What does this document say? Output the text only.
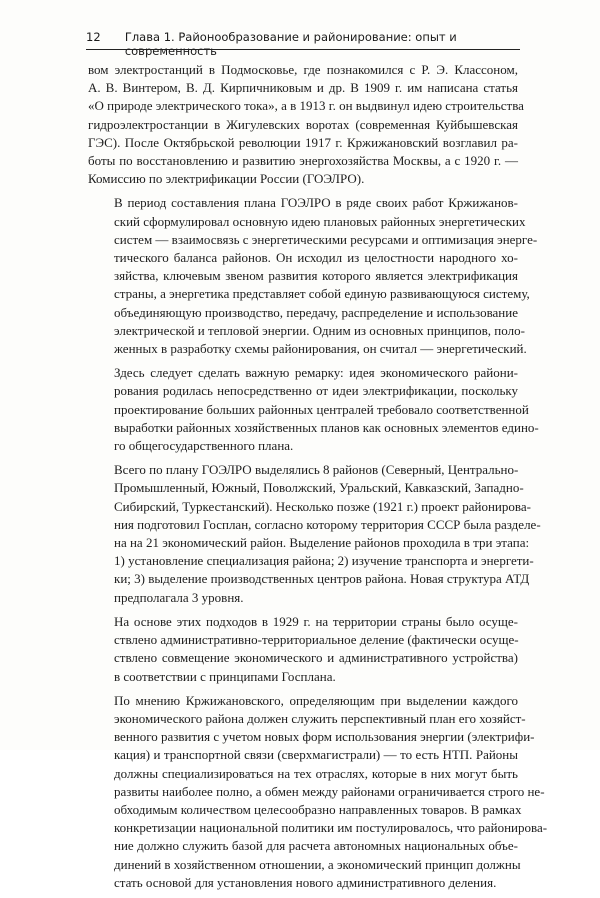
12	Глава 1. Районообразование и районирование: опыт и современность

вом электростанций в Подмосковье, где познакомился с Р. Э. Классоном,
А. В. Винтером, В. Д. Кирпичниковым и др. В 1909 г. им написана статья
«О природе электрического тока», а в 1913 г. он выдвинул идею строительства
гидроэлектростанции в Жигулевских воротах (современная Куйбышевская
ГЭС). После Октябрьской революции 1917 г. Кржижановский возглавил ра-
боты по восстановлению и развитию энергохозяйства Москвы, а с 1920 г. —
Комиссию по электрификации России (ГОЭЛРО).

В период составления плана ГОЭЛРО в ряде своих работ Кржижанов-
ский сформулировал основную идею плановых районных энергетических
систем — взаимосвязь с энергетическими ресурсами и оптимизация энерге-
тического баланса районов. Он исходил из целостности народного хо-
зяйства, ключевым звеном развития которого является электрификация
страны, а энергетика представляет собой единую развивающуюся систему,
объединяющую производство, передачу, распределение и использование
электрической и тепловой энергии. Одним из основных принципов, поло-
женных в разработку схемы районирования, он считал — энергетический.

Здесь следует сделать важную ремарку: идея экономического райони-
рования родилась непосредственно от идеи электрификации, поскольку
проектирование больших районных централей требовало соответственной
выработки районных хозяйственных планов как основных элементов едино-
го общегосударственного плана.

Всего по плану ГОЭЛРО выделялись 8 районов (Северный, Центрально-
Промышленный, Южный, Поволжский, Уральский, Кавказский, Западно-
Сибирский, Туркестанский). Несколько позже (1921 г.) проект районирова-
ния подготовил Госплан, согласно которому территория СССР была разделе-
на на 21 экономический район. Выделение районов проходила в три этапа:
1) установление специализация района; 2) изучение транспорта и энергети-
ки; 3) выделение производственных центров района. Новая структура АТД
предполагала 3 уровня.

На основе этих подходов в 1929 г. на территории страны было осуще-
ствлено административно-территориальное деление (фактически осуще-
ствлено совмещение экономического и административного устройства)
в соответствии с принципами Госплана.

По мнению Кржижановского, определяющим при выделении каждого
экономического района должен служить перспективный план его хозяйст-
венного развития с учетом новых форм использования энергии (электрифи-
кация) и транспортной связи (сверхмагистрали) — то есть НТП. Районы
должны специализироваться на тех отраслях, которые в них могут быть
развиты наиболее полно, а обмен между районами ограничивается строго не-
обходимым количеством целесообразно направленных товаров. В рамках
конкретизации национальной политики им постулировалось, что районирова-
ние должно служить базой для расчета автономных национальных объе-
динений в хозяйственном отношении, а экономический принцип должны
стать основой для установления нового административного деления.
